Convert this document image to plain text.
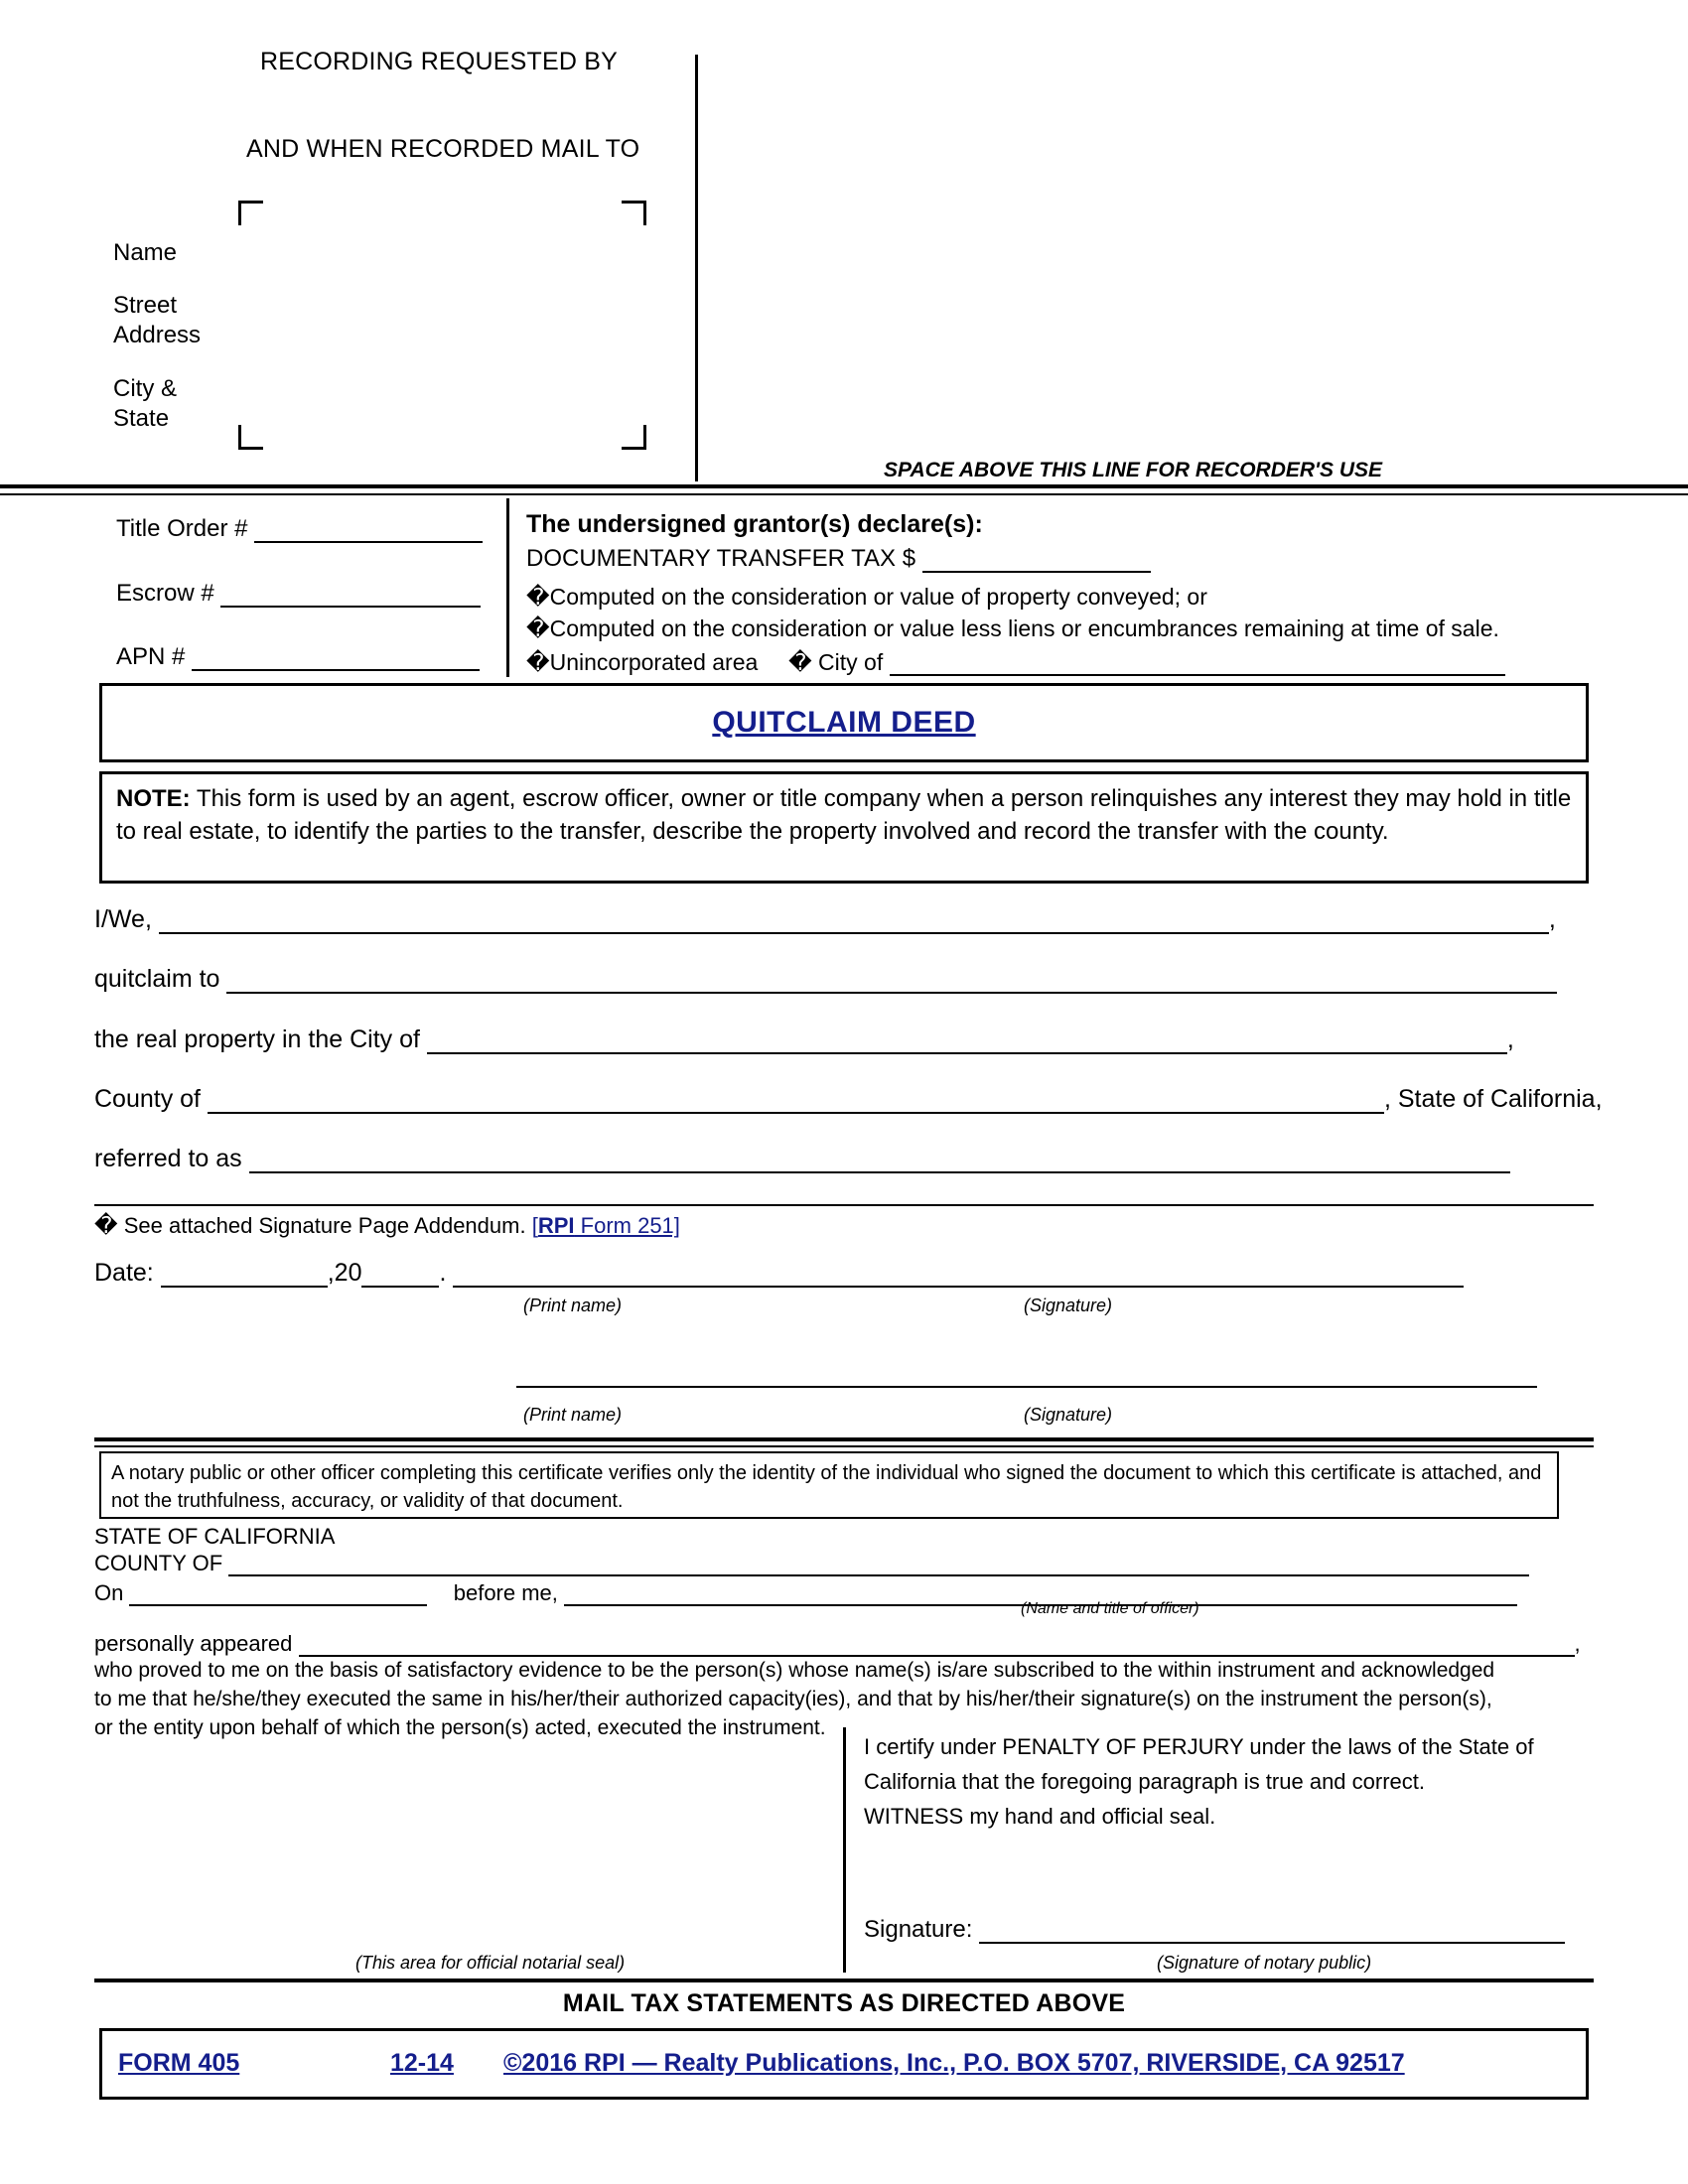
RECORDING REQUESTED BY
AND WHEN RECORDED MAIL TO
Name
Street
Address
City &
State
SPACE ABOVE THIS LINE FOR RECORDER'S USE
Title Order #
Escrow #
APN #
The undersigned grantor(s) declare(s):
DOCUMENTARY TRANSFER TAX $
�Computed on the consideration or value of property conveyed; or
�Computed on the consideration or value less liens or encumbrances remaining at time of sale.
�Unincorporated area � City of
QUITCLAIM DEED
NOTE: This form is used by an agent, escrow officer, owner or title company when a person relinquishes any interest they may hold in title to real estate, to identify the parties to the transfer, describe the property involved and record the transfer with the county.
I/We,	,
quitclaim to
the real property in the City of	,
County of	, State of California,
referred to as
� See attached Signature Page Addendum. [RPI Form 251]
Date:	,20	.
(Print name)	(Signature)
(Print name)	(Signature)
A notary public or other officer completing this certificate verifies only the identity of the individual who signed the document to which this certificate is attached, and not the truthfulness, accuracy, or validity of that document.
STATE OF CALIFORNIA
COUNTY OF
On	before me,
(Name and title of officer)
personally appeared	,
who proved to me on the basis of satisfactory evidence to be the person(s) whose name(s) is/are subscribed to the within instrument and acknowledged
to me that he/she/they executed the same in his/her/their authorized capacity(ies), and that by his/her/their signature(s) on the instrument the person(s),
or the entity upon behalf of which the person(s) acted, executed the instrument.
I certify under PENALTY OF PERJURY under the laws of the State of
California that the foregoing paragraph is true and correct.
WITNESS my hand and official seal.
Signature:
(Signature of notary public)
(This area for official notarial seal)
MAIL TAX STATEMENTS AS DIRECTED ABOVE
FORM 405	12-14 ©2016 RPI — Realty Publications, Inc., P.O. BOX 5707, RIVERSIDE, CA 92517
